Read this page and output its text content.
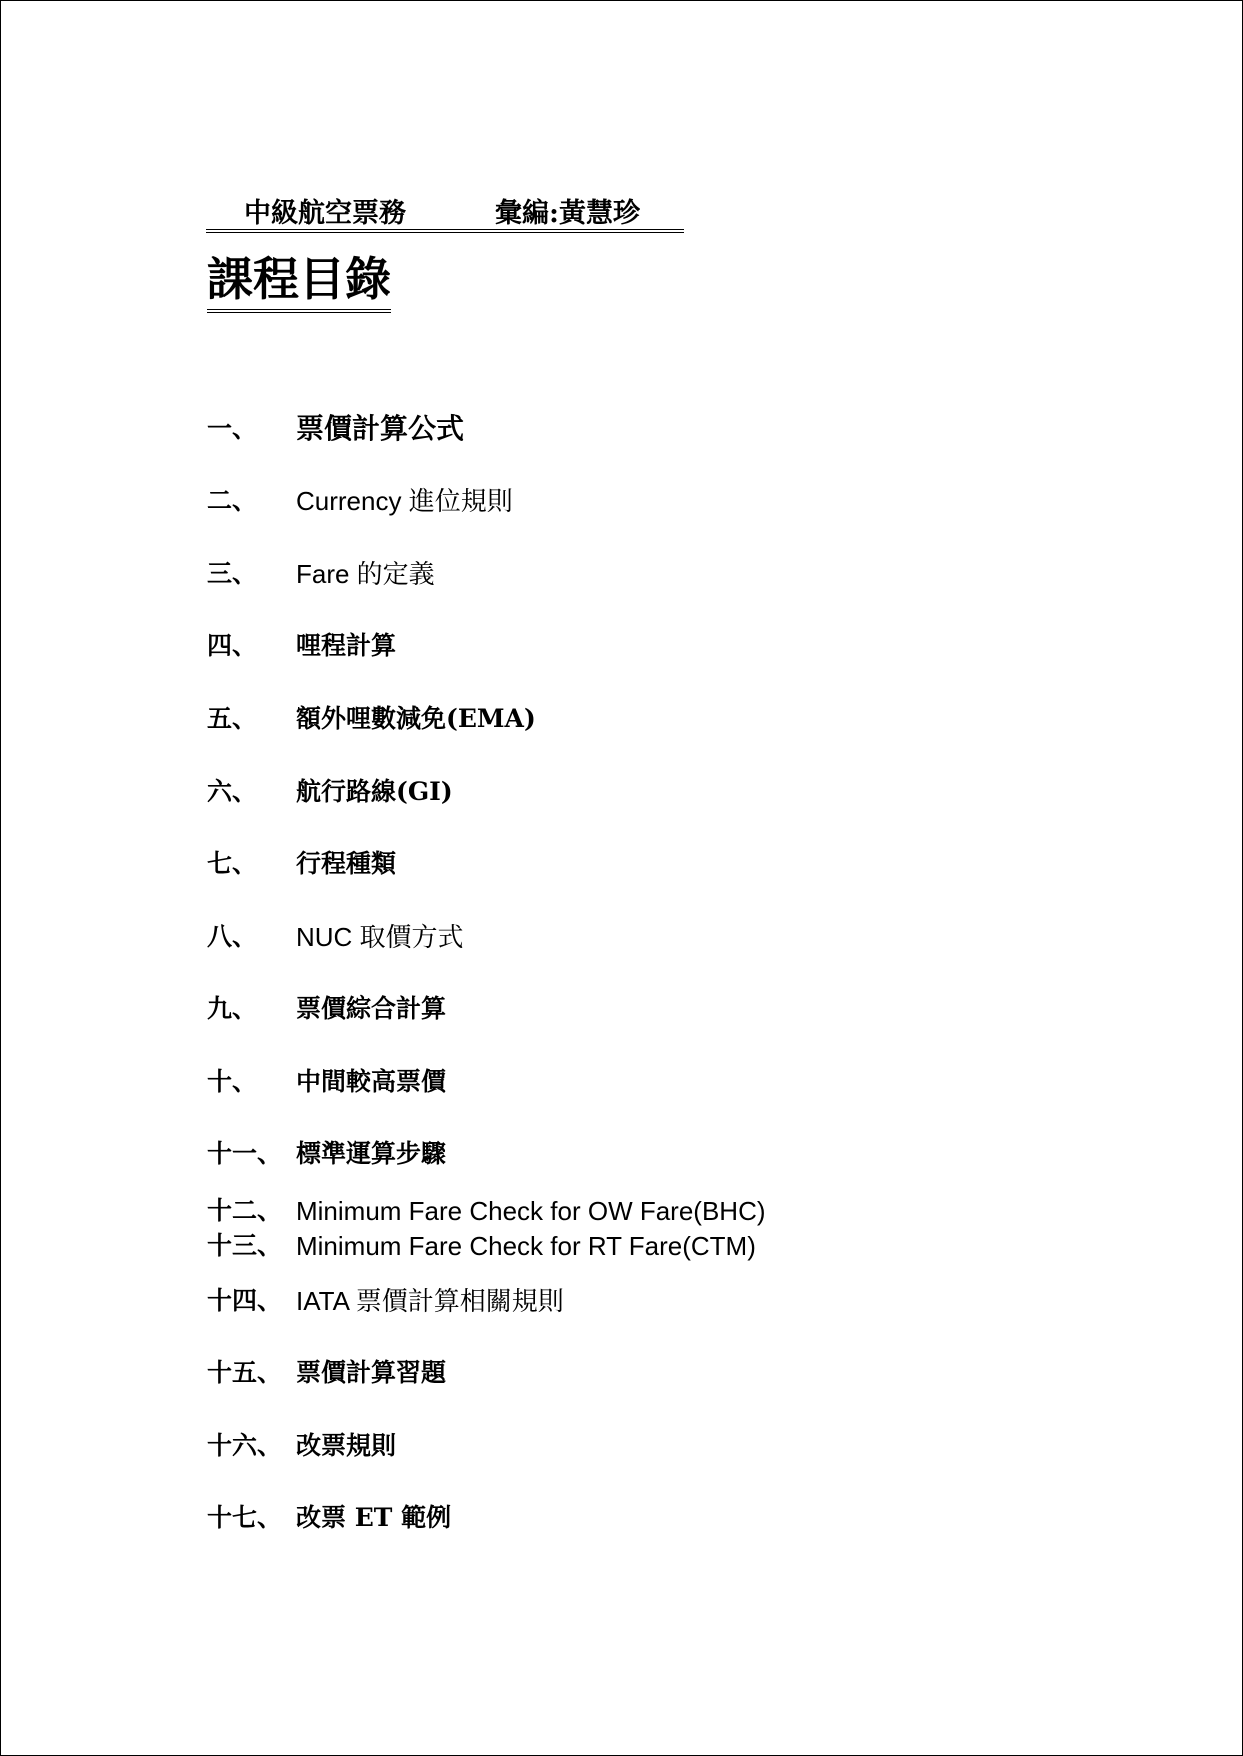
中級航空票務	彙編:黃慧珍
課程目錄
一、 票價計算公式
二、 Currency 進位規則
三、 Fare 的定義
四、 哩程計算
五、 額外哩數減免(EMA)
六、 航行路線(GI)
七、 行程種類
八、 NUC 取價方式
九、 票價綜合計算
十、 中間較高票價
十一、 標準運算步驟
十二、 Minimum Fare Check for OW Fare(BHC)
十三、 Minimum Fare Check for RT Fare(CTM)
十四、 IATA 票價計算相關規則
十五、 票價計算習題
十六、 改票規則
十七、 改票 ET 範例
